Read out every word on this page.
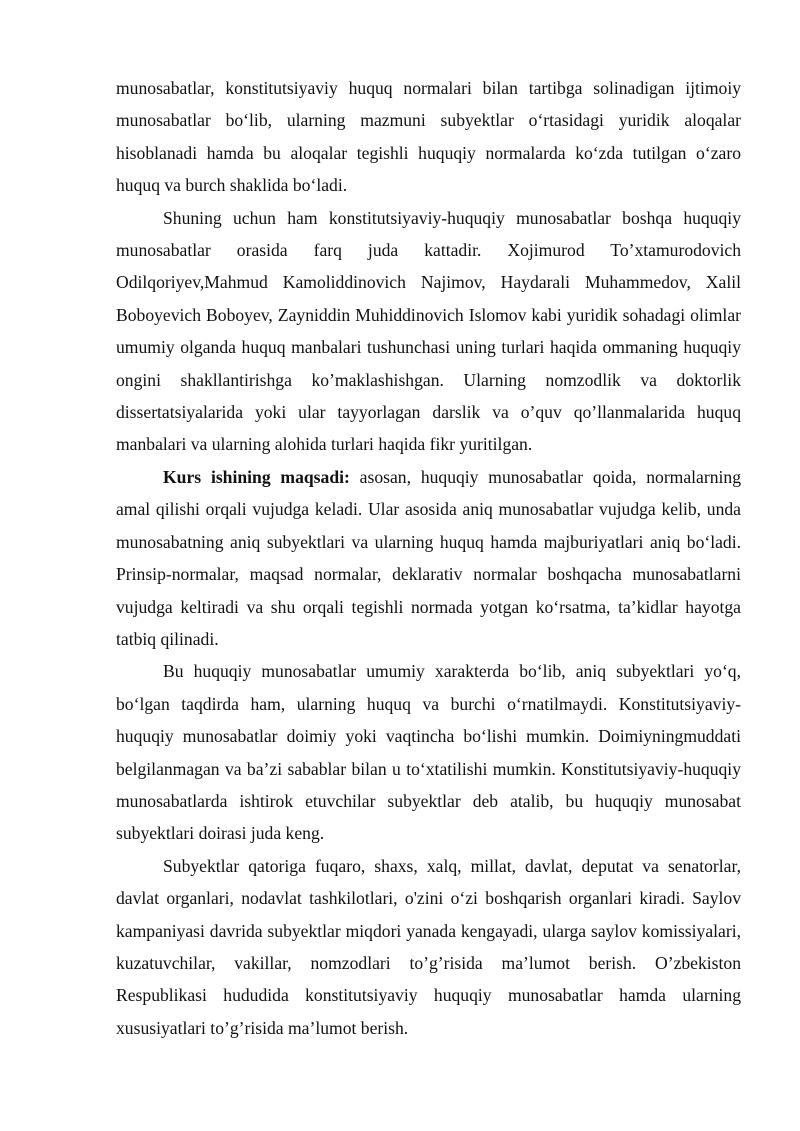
munosabatlar, konstitutsiyaviy huquq normalari bilan tartibga solinadigan ijtimoiy munosabatlar bo‘lib, ularning mazmuni subyektlar o‘rtasidagi yuridik aloqalar hisoblanadi hamda bu aloqalar tegishli huquqiy normalarda ko‘zda tutilgan o‘zaro huquq va burch shaklida bo‘ladi.

Shuning uchun ham konstitutsiyaviy-huquqiy munosabatlar boshqa huquqiy munosabatlar orasida farq juda kattadir. Xojimurod To’xtamurodovich Odilqoriyev,Mahmud Kamoliddinovich Najimov, Haydarali Muhammedov, Xalil Boboyevich Boboyev, Zayniddin Muhiddinovich Islomov kabi yuridik sohadagi olimlar umumiy olganda huquq manbalari tushunchasi uning turlari haqida ommaning huquqiy ongini shakllantirishga ko’maklashishgan. Ularning nomzodlik va doktorlik dissertatsiyalarida yoki ular tayyorlagan darslik va o’quv qo’llanmalarida huquq manbalari va ularning alohida turlari haqida fikr yuritilgan.

Kurs ishining maqsadi: asosan, huquqiy munosabatlar qoida, normalarning amal qilishi orqali vujudga keladi. Ular asosida aniq munosabatlar vujudga kelib, unda munosabatning aniq subyektlari va ularning huquq hamda majburiyatlari aniq bo‘ladi. Prinsip-normalar, maqsad normalar, deklarativ normalar boshqacha munosabatlarni vujudga keltiradi va shu orqali tegishli normada yotgan ko‘rsatma, ta’kidlar hayotga tatbiq qilinadi.

Bu huquqiy munosabatlar umumiy xarakterda bo‘lib, aniq subyektlari yo‘q, bo‘lgan taqdirda ham, ularning huquq va burchi o‘rnatilmaydi. Konstitutsiyaviy-huquqiy munosabatlar doimiy yoki vaqtincha bo‘lishi mumkin. Doimiyningmuddati belgilanmagan va ba’zi sabablar bilan u to‘xtatilishi mumkin. Konstitutsiyaviy-huquqiy munosabatlarda ishtirok etuvchilar subyektlar deb atalib, bu huquqiy munosabat subyektlari doirasi juda keng.

Subyektlar qatoriga fuqaro, shaxs, xalq, millat, davlat, deputat va senatorlar, davlat organlari, nodavlat tashkilotlari, o'zini o‘zi boshqarish organlari kiradi. Saylov kampaniyasi davrida subyektlar miqdori yanada kengayadi, ularga saylov komissiyalari, kuzatuvchilar, vakillar, nomzodlari to’g’risida ma’lumot berish. O’zbekiston Respublikasi hududida konstitutsiyaviy huquqiy munosabatlar hamda ularning xususiyatlari to’g’risida ma’lumot berish.
